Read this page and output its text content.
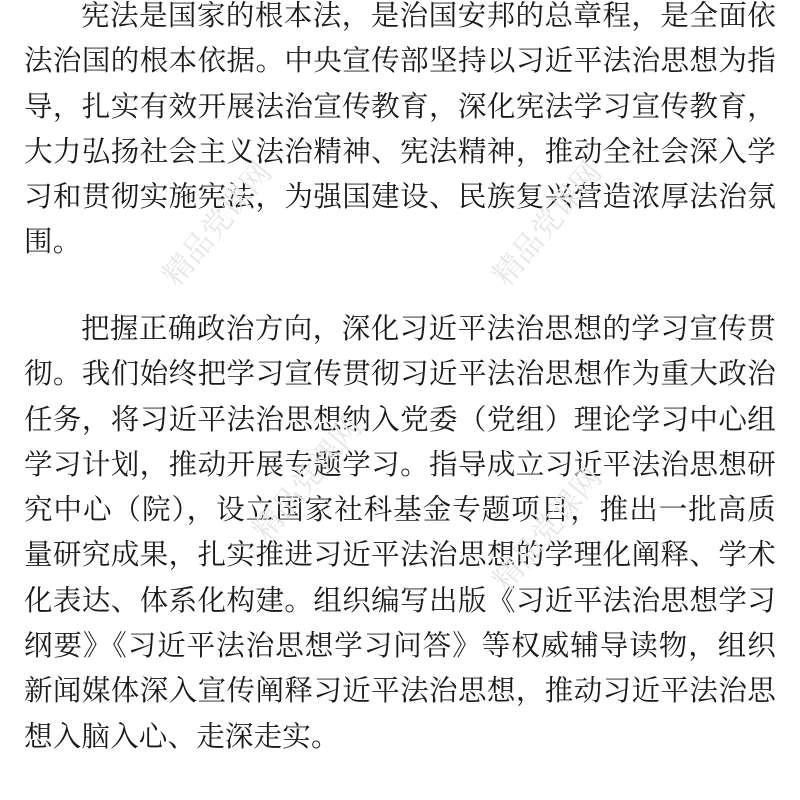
宪法是国家的根本法，是治国安邦的总章程，是全面依法治国的根本依据。中央宣传部坚持以习近平法治思想为指导，扎实有效开展法治宣传教育，深化宪法学习宣传教育，大力弘扬社会主义法治精神、宪法精神，推动全社会深入学习和贯彻实施宪法，为强国建设、民族复兴营造浓厚法治氛围。

把握正确政治方向，深化习近平法治思想的学习宣传贯彻。我们始终把学习宣传贯彻习近平法治思想作为重大政治任务，将习近平法治思想纳入党委（党组）理论学习中心组学习计划，推动开展专题学习。指导成立习近平法治思想研究中心（院），设立国家社科基金专题项目，推出一批高质量研究成果，扎实推进习近平法治思想的学理化阐释、学术化表达、体系化构建。组织编写出版《习近平法治思想学习纲要》《习近平法治思想学习问答》等权威辅导读物，组织新闻媒体深入宣传阐释习近平法治思想，推动习近平法治思想入脑入心、走深走实。

精品党课网	精品党课网
精品党课网	精品党课网
